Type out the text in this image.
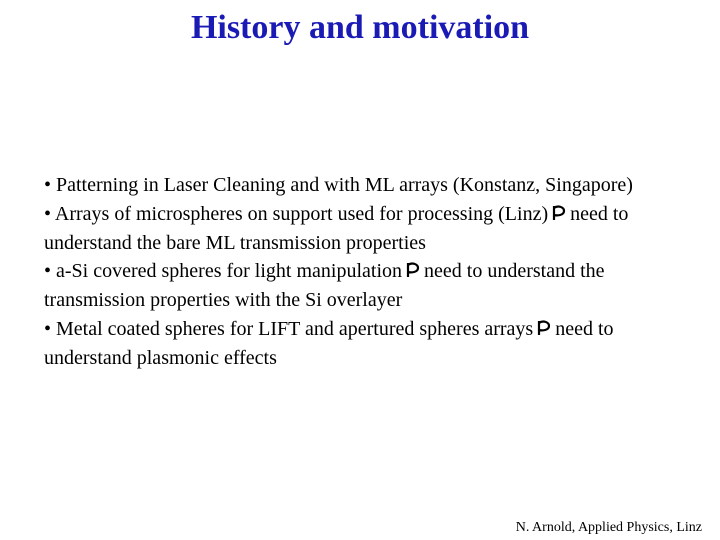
History and motivation
• Patterning in Laser Cleaning and with ML arrays (Konstanz, Singapore)
• Arrays of microspheres on support used for processing (Linz) need to understand the bare ML transmission properties
• a-Si covered spheres for light manipulation need to understand the transmission properties with the Si overlayer
• Metal coated spheres for LIFT and apertured spheres arrays need to understand plasmonic effects
N. Arnold, Applied Physics, Linz
